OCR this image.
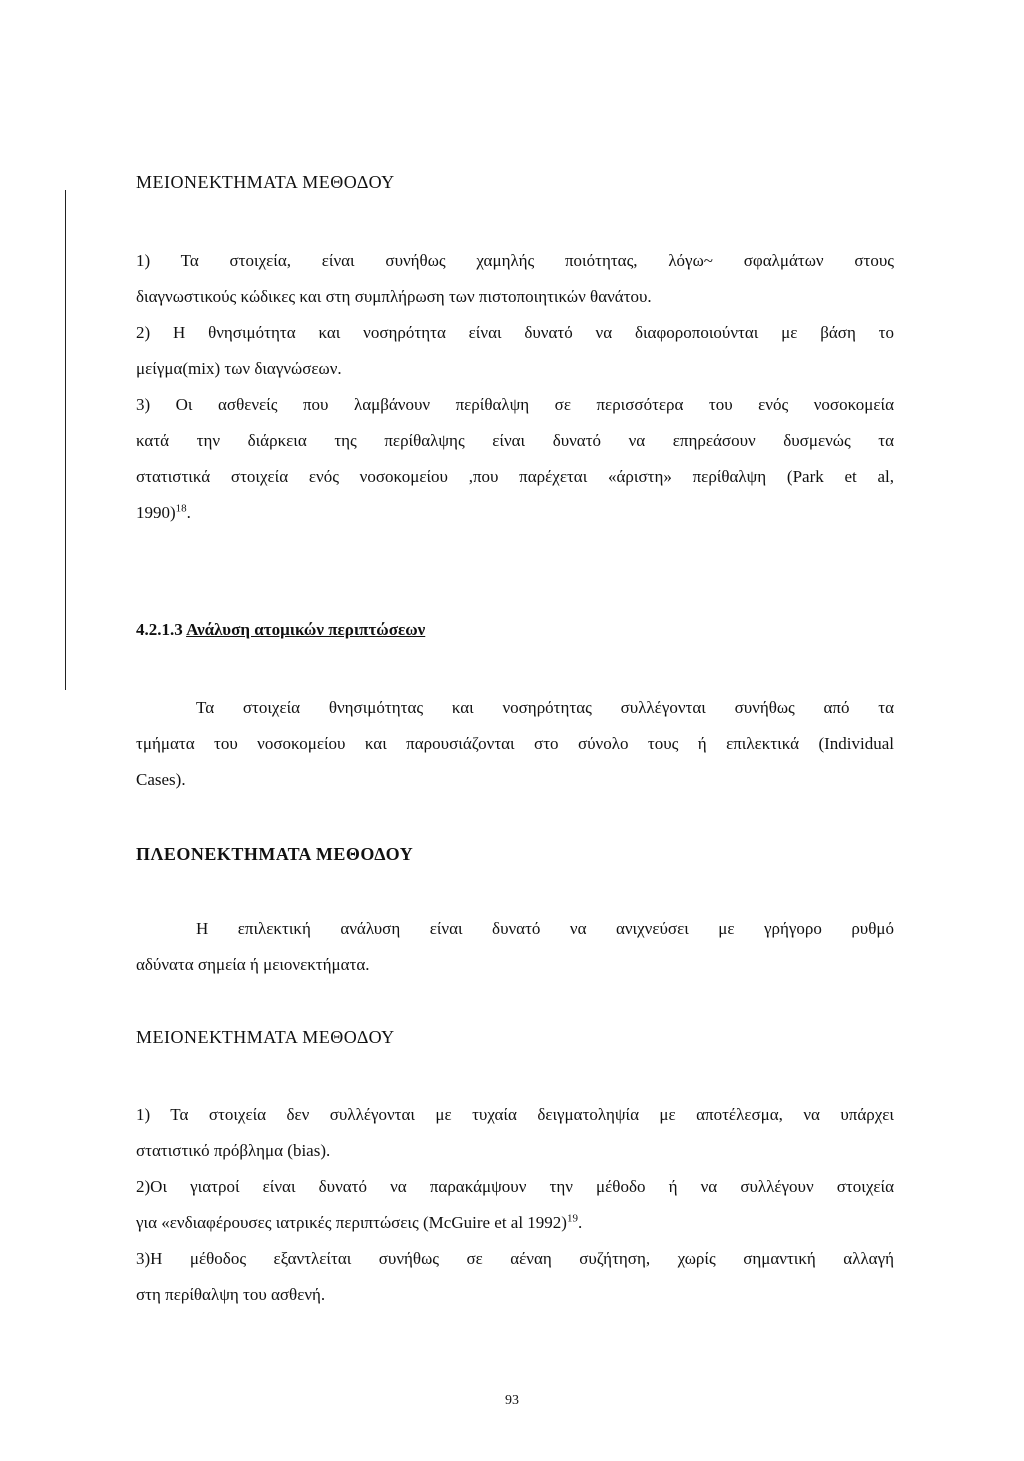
ΜΕΙΟΝΕΚΤΗΜΑΤΑ ΜΕΘΟΔΟΥ
1) Τα στοιχεία, είναι συνήθως χαμηλής ποιότητας, λόγω~ σφαλμάτων στους
διαγνωστικούς κώδικες και στη συμπλήρωση των πιστοποιητικών θανάτου.
2) Η θνησιμότητα και νοσηρότητα είναι δυνατό να διαφοροποιούνται με βάση το
μείγμα(mix) των διαγνώσεων.
3) Οι ασθενείς που λαμβάνουν περίθαλψη σε περισσότερα του ενός νοσοκομεία
κατά την διάρκεια της περίθαλψης είναι δυνατό να επηρεάσουν δυσμενώς τα
στατιστικά στοιχεία ενός νοσοκομείου ,που παρέχεται «άριστη» περίθαλψη (Park et al,
1990)$^{18}$.
4.2.1.3 Ανάλυση ατομικών περιπτώσεων
Τα στοιχεία θνησιμότητας και νοσηρότητας συλλέγονται συνήθως από τα
τμήματα του νοσοκομείου και παρουσιάζονται στο σύνολο τους ή επιλεκτικά (Individual
Cases).
ΠΛΕΟΝΕΚΤΗΜΑΤΑ ΜΕΘΟΔΟΥ
Η επιλεκτική ανάλυση είναι δυνατό να ανιχνεύσει με γρήγορο ρυθμό
αδύνατα σημεία ή μειονεκτήματα.
ΜΕΙΟΝΕΚΤΗΜΑΤΑ ΜΕΘΟΔΟΥ
1) Τα στοιχεία δεν συλλέγονται με τυχαία δειγματοληψία με αποτέλεσμα, να υπάρχει
στατιστικό πρόβλημα (bias).
2)Οι γιατροί είναι δυνατό να παρακάμψουν την μέθοδο ή να συλλέγουν στοιχεία
για «ενδιαφέρουσες ιατρικές περιπτώσεις (McGuire et al 1992)$^{19}$.
3)Η μέθοδος εξαντλείται συνήθως σε αέναη συζήτηση, χωρίς σημαντική αλλαγή
στη περίθαλψη του ασθενή.
93
